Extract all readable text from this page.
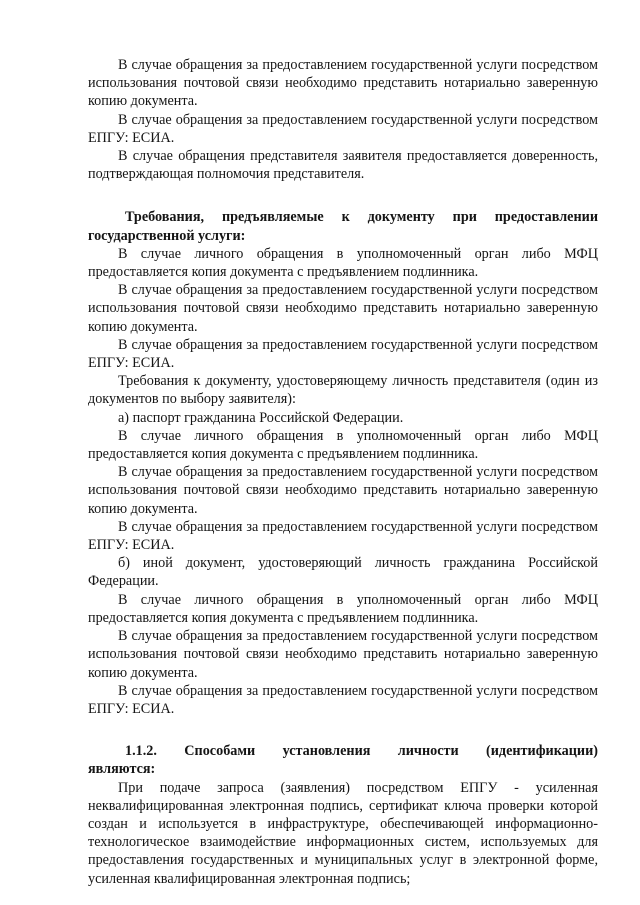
В случае обращения за предоставлением государственной услуги посредством использования почтовой связи необходимо представить нотариально заверенную копию документа.

В случае обращения за предоставлением государственной услуги посредством ЕПГУ: ЕСИА.

В случае обращения представителя заявителя предоставляется доверенность, подтверждающая полномочия представителя.

Требования, предъявляемые к документу при предоставлении государственной услуги:

В случае личного обращения в уполномоченный орган либо МФЦ предоставляется копия документа с предъявлением подлинника.

В случае обращения за предоставлением государственной услуги посредством использования почтовой связи необходимо представить нотариально заверенную копию документа.

В случае обращения за предоставлением государственной услуги посредством ЕПГУ: ЕСИА.

Требования к документу, удостоверяющему личность представителя (один из документов по выбору заявителя):

а) паспорт гражданина Российской Федерации.

В случае личного обращения в уполномоченный орган либо МФЦ предоставляется копия документа с предъявлением подлинника.

В случае обращения за предоставлением государственной услуги посредством использования почтовой связи необходимо представить нотариально заверенную копию документа.

В случае обращения за предоставлением государственной услуги посредством ЕПГУ: ЕСИА.

б) иной документ, удостоверяющий личность гражданина Российской Федерации.

В случае личного обращения в уполномоченный орган либо МФЦ предоставляется копия документа с предъявлением подлинника.

В случае обращения за предоставлением государственной услуги посредством использования почтовой связи необходимо представить нотариально заверенную копию документа.

В случае обращения за предоставлением государственной услуги посредством ЕПГУ: ЕСИА.

1.1.2. Способами установления личности (идентификации) являются:

При подаче запроса (заявления) посредством ЕПГУ - усиленная неквалифицированная электронная подпись, сертификат ключа проверки которой создан и используется в инфраструктуре, обеспечивающей информационно-технологическое взаимодействие информационных систем, используемых для предоставления государственных и муниципальных услуг в электронной форме, усиленная квалифицированная электронная подпись;
